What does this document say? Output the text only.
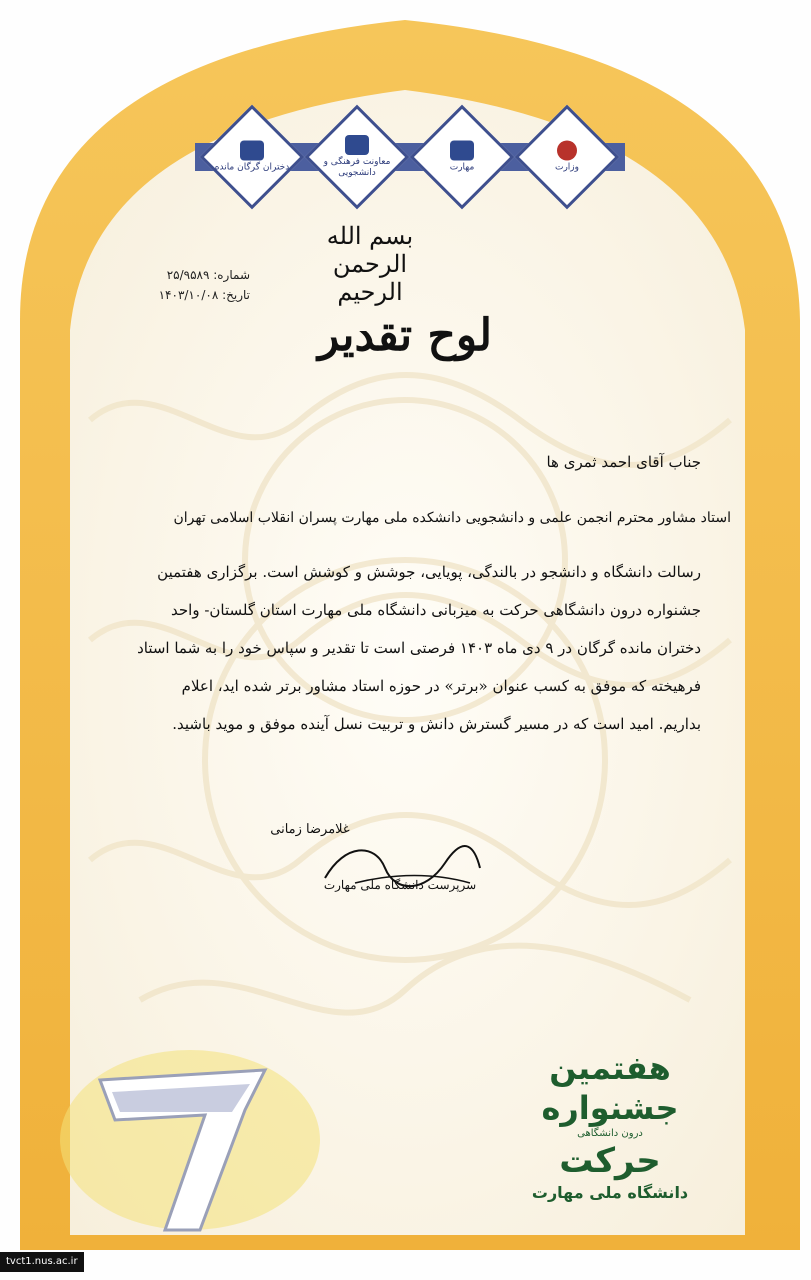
وزارت
مهارت
معاونت فرهنگی و دانشجویی
دختران گرگان مانده
بسم الله الرحمن الرحیم
شماره: ۲۵/۹۵۸۹
تاریخ: ۱۴۰۳/۱۰/۰۸
لوح تقدیر
جناب آقای احمد ثمری ها
استاد مشاور محترم انجمن علمی و دانشجویی دانشکده ملی مهارت پسران انقلاب اسلامی تهران
رسالت دانشگاه و دانشجو در بالندگی، پویایی، جوشش و کوشش است. برگزاری هفتمین
جشنواره درون دانشگاهی حرکت به میزبانی دانشگاه ملی مهارت استان گلستان- واحد
دختران مانده گرگان در ۹ دی ماه ۱۴۰۳ فرصتی است تا تقدیر و سپاس خود را به شما استاد
فرهیخته که موفق به کسب عنوان «برتر» در حوزه استاد مشاور برتر شده اید، اعلام
بداریم. امید است که در مسیر گسترش دانش و تربیت نسل آینده موفق و موید باشید.
غلامرضا زمانی
سرپرست دانشگاه ملی مهارت
هفتمین
جشنواره
درون دانشگاهی
حرکت
دانشگاه ملی مهارت
tvct1.nus.ac.ir
